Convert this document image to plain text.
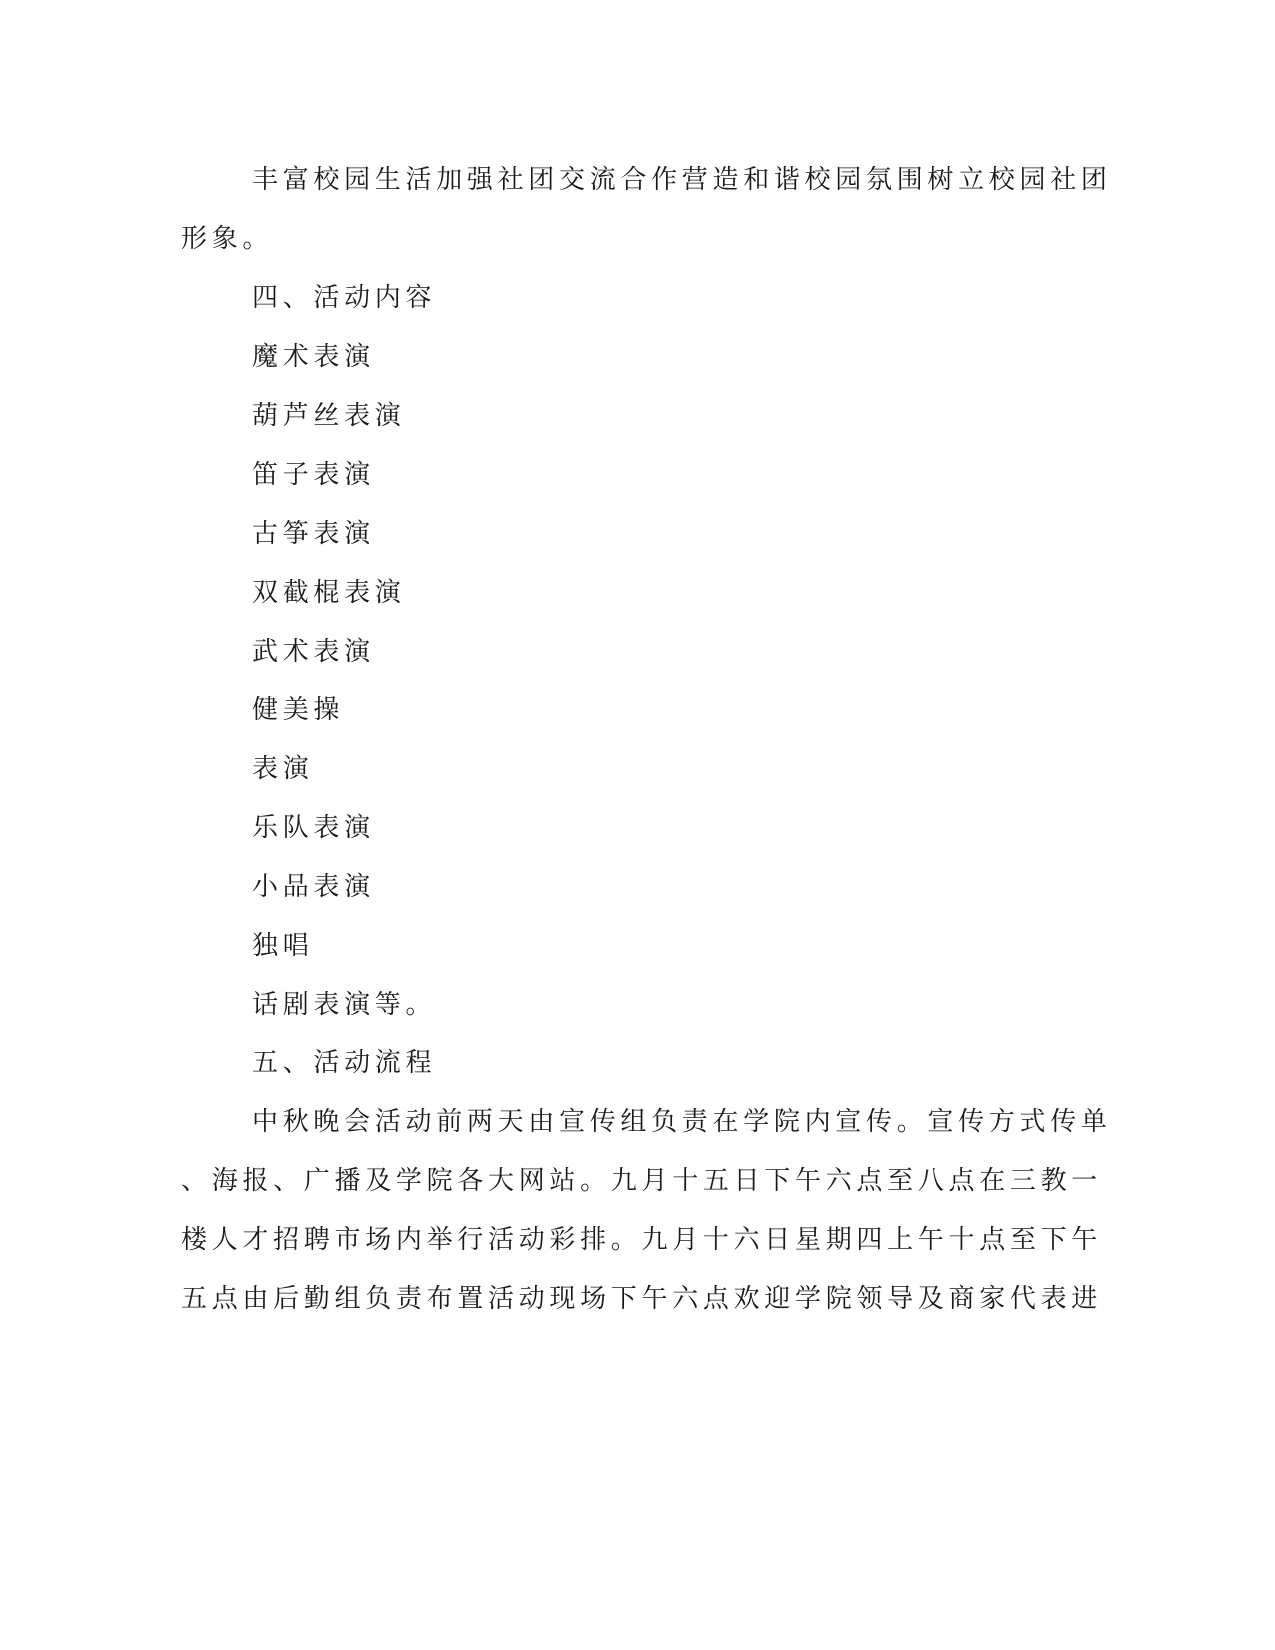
丰富校园生活加强社团交流合作营造和谐校园氛围树立校园社团
形象。
四、活动内容
魔术表演
葫芦丝表演
笛子表演
古筝表演
双截棍表演
武术表演
健美操
表演
乐队表演
小品表演
独唱
话剧表演等。
五、活动流程
中秋晚会活动前两天由宣传组负责在学院内宣传。宣传方式传单
、海报、广播及学院各大网站。九月十五日下午六点至八点在三教一
楼人才招聘市场内举行活动彩排。九月十六日星期四上午十点至下午
五点由后勤组负责布置活动现场下午六点欢迎学院领导及商家代表进
